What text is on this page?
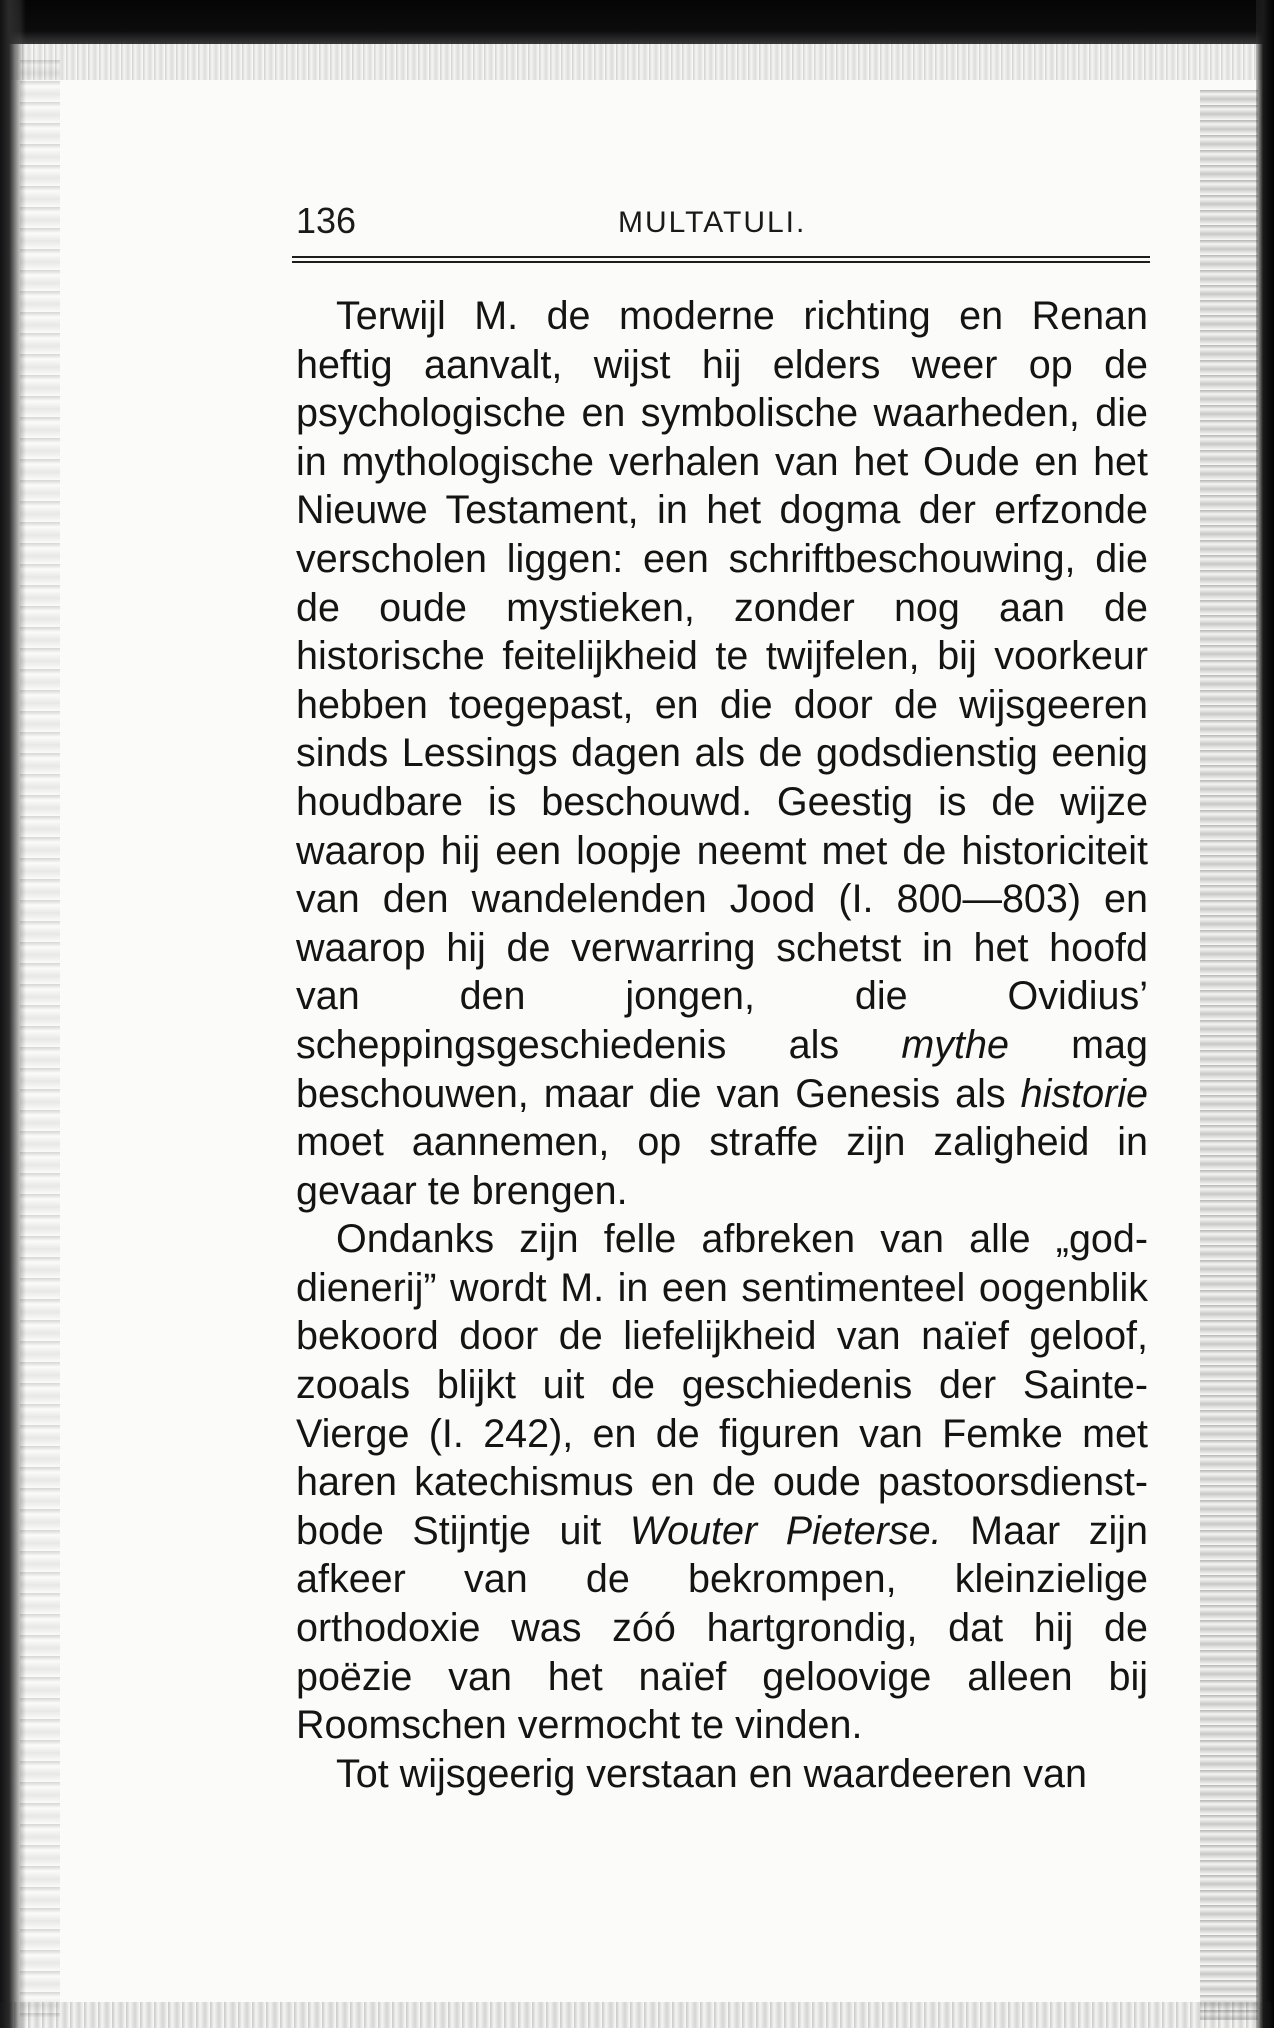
136	MULTATULI.

Terwijl M. de moderne richting en Renan heftig aanvalt, wijst hij elders weer op de psychologische en symbolische waarheden, die in mythologische verhalen van het Oude en het Nieuwe Testament, in het dogma der erfzonde verscholen liggen: een schriftbeschouwing, die de oude mystieken, zonder nog aan de historische feitelijkheid te twijfelen, bij voorkeur hebben toegepast, en die door de wijsgeeren sinds Lessings dagen als de godsdienstig eenig houdbare is beschouwd. Geestig is de wijze waarop hij een loopje neemt met de historiciteit van den wandelenden Jood (I. 800—803) en waarop hij de verwarring schetst in het hoofd van den jongen, die Ovidius’ scheppingsgeschiedenis als mythe mag beschouwen, maar die van Genesis als historie moet aannemen, op straffe zijn zaligheid in gevaar te brengen.

Ondanks zijn felle afbreken van alle „goddienerij” wordt M. in een sentimenteel oogenblik bekoord door de liefelijkheid van naïef geloof, zooals blijkt uit de geschiedenis der Sainte-Vierge (I. 242), en de figuren van Femke met haren katechismus en de oude pastoorsdienstbode Stijntje uit Wouter Pieterse. Maar zijn afkeer van de bekrompen, kleinzielige orthodoxie was zóó hartgrondig, dat hij de poëzie van het naïef geloovige alleen bij Roomschen vermocht te vinden.

Tot wijsgeerig verstaan en waardeeren van
